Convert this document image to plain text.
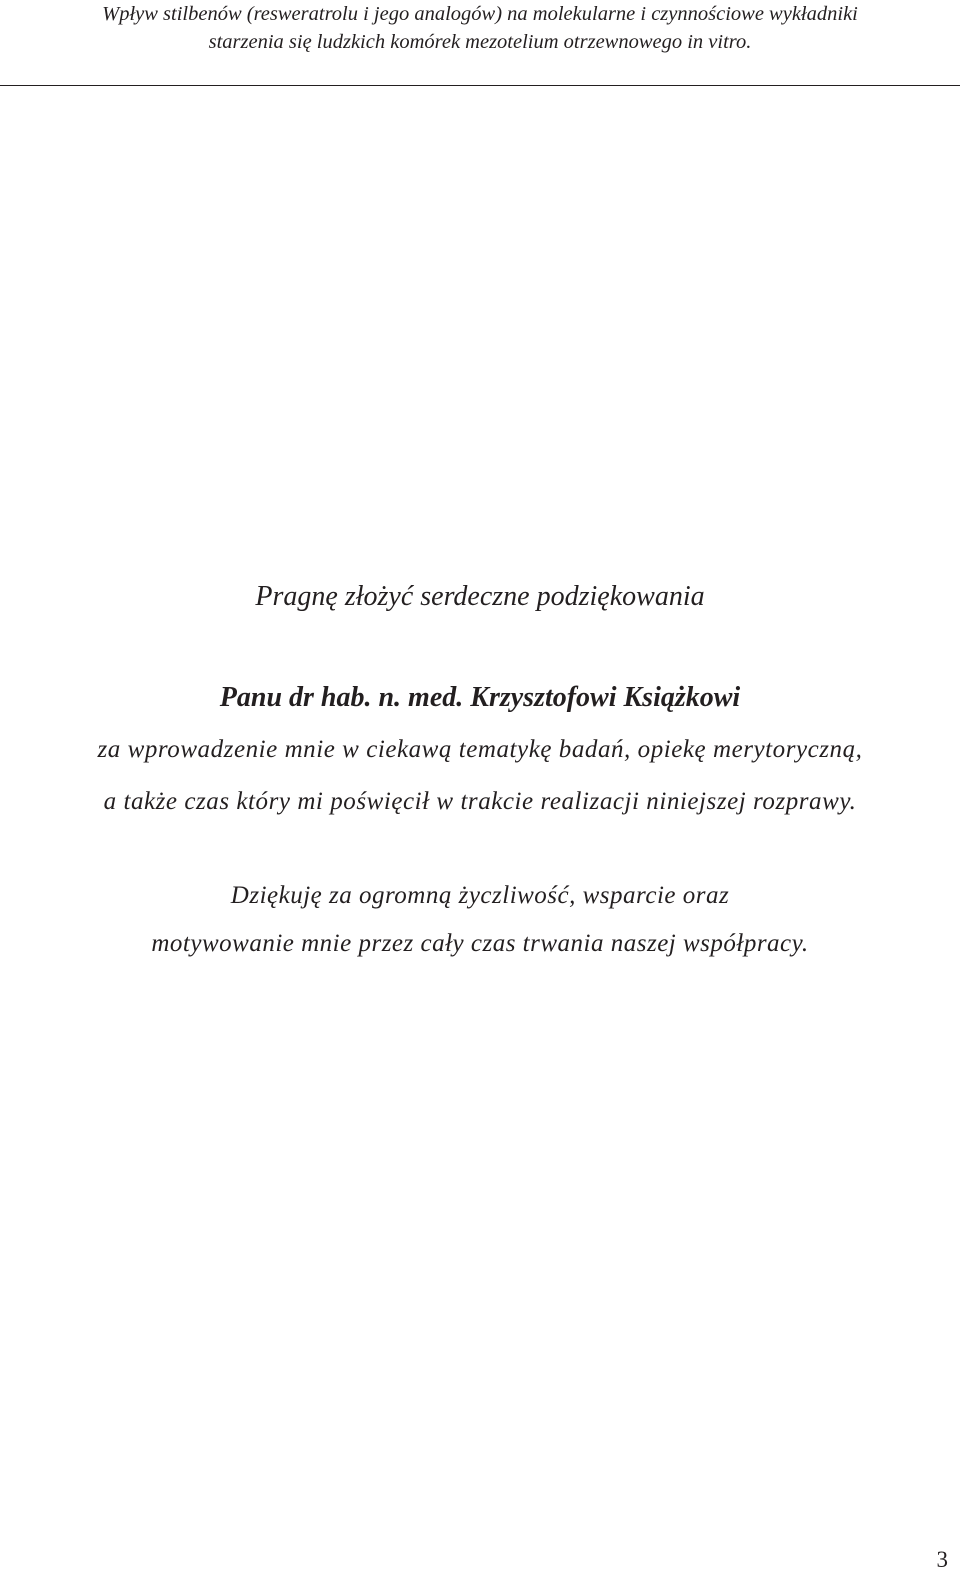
Wpływ stilbenów (resweratrolu i jego analogów) na molekularne i czynnościowe wykładniki
starzenia się ludzkich komórek mezotelium otrzewnowego in vitro.

Pragnę złożyć serdeczne podziękowania

Panu dr hab. n. med. Krzysztofowi Książkowi

za wprowadzenie mnie w ciekawą tematykę badań, opiekę merytoryczną,
a także czas który mi poświęcił w trakcie realizacji niniejszej rozprawy.
Dziękuję za ogromną życzliwość, wsparcie oraz
motywowanie mnie przez cały czas trwania naszej współpracy.
3
